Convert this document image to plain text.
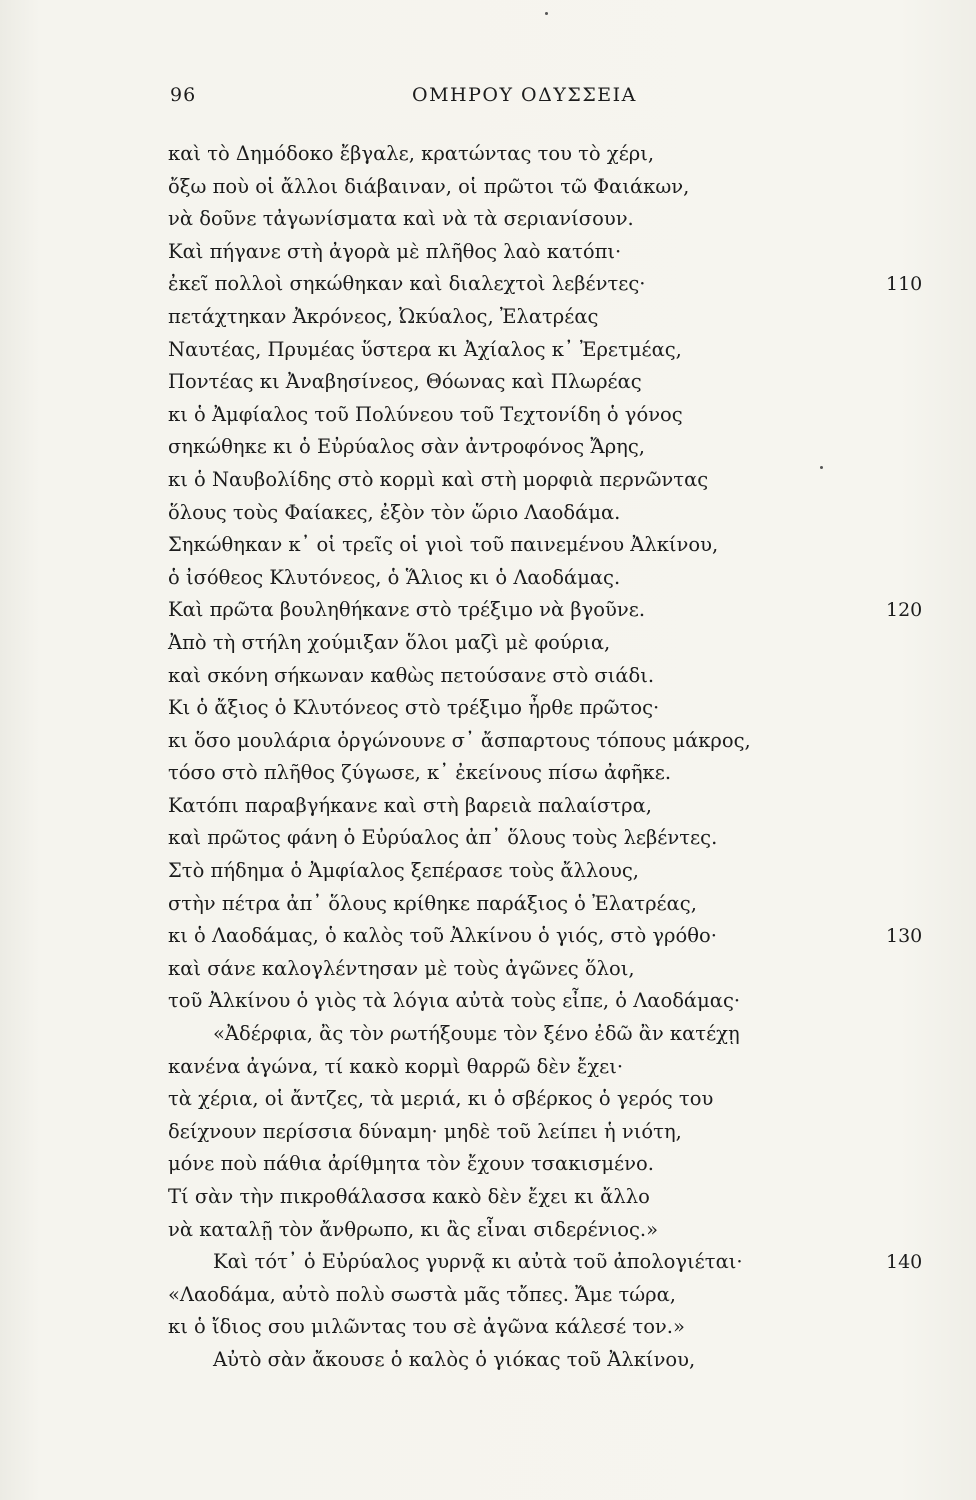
96	ΟΜΗΡΟΥ ΟΔΥΣΣΕΙΑ
καὶ τὸ Δημόδοκο ἔβγαλε, κρατώντας του τὸ χέρι,
ὄξω ποὺ οἱ ἄλλοι διάβαιναν, οἱ πρῶτοι τῶ Φαιάκων,
νὰ δοῦνε τἀγωνίσματα καὶ νὰ τὰ σεριανίσουν.
Καὶ πήγανε στὴ ἀγορὰ μὲ πλῆθος λαὸ κατόπι·
ἐκεῖ πολλοὶ σηκώθηκαν καὶ διαλεχτοὶ λεβέντες·	110
πετάχτηκαν Ἀκρόνεος, Ὠκύαλος, Ἐλατρέας
Ναυτέας, Πρυμέας ὕστερα κι Ἀχίαλος κ᾿ Ἐρετμέας,
Ποντέας κι Ἀναβησίνεος, Θόωνας καὶ Πλωρέας
κι ὁ Ἀμφίαλος τοῦ Πολύνεου τοῦ Τεχτονίδη ὁ γόνος
σηκώθηκε κι ὁ Εὐρύαλος σὰν ἀντροφόνος Ἄρης,
κι ὁ Ναυβολίδης στὸ κορμὶ καὶ στὴ μορφιὰ περνῶντας
ὅλους τοὺς Φαίακες, ἐξὸν τὸν ὥριο Λαοδάμα.
Σηκώθηκαν κ᾿ οἱ τρεῖς οἱ γιοὶ τοῦ παινεμένου Ἀλκίνου,
ὁ ἰσόθεος Κλυτόνεος, ὁ Ἅλιος κι ὁ Λαοδάμας.
Καὶ πρῶτα βουληθήκανε στὸ τρέξιμο νὰ βγοῦνε.	120
Ἀπὸ τὴ στήλη χούμιξαν ὅλοι μαζὶ μὲ φούρια,
καὶ σκόνη σήκωναν καθὼς πετούσανε στὸ σιάδι.
Κι ὁ ἄξιος ὁ Κλυτόνεος στὸ τρέξιμο ἦρθε πρῶτος·
κι ὅσο μουλάρια ὀργώνουνε σ᾿ ἄσπαρτους τόπους μάκρος,
τόσο στὸ πλῆθος ζύγωσε, κ᾿ ἐκείνους πίσω ἀφῆκε.
Κατόπι παραβγήκανε καὶ στὴ βαρειὰ παλαίστρα,
καὶ πρῶτος φάνη ὁ Εὐρύαλος ἀπ᾿ ὅλους τοὺς λεβέντες.
Στὸ πήδημα ὁ Ἀμφίαλος ξεπέρασε τοὺς ἄλλους,
στὴν πέτρα ἀπ᾿ ὅλους κρίθηκε παράξιος ὁ Ἐλατρέας,
κι ὁ Λαοδάμας, ὁ καλὸς τοῦ Ἀλκίνου ὁ γιός, στὸ γρόθο·	130
καὶ σάνε καλογλέντησαν μὲ τοὺς ἀγῶνες ὅλοι,
τοῦ Ἀλκίνου ὁ γιὸς τὰ λόγια αὐτὰ τοὺς εἶπε, ὁ Λαοδάμας·
«Ἀδέρφια, ἂς τὸν ρωτήξουμε τὸν ξένο ἐδῶ ἂν κατέχῃ
κανένα ἀγώνα, τί κακὸ κορμὶ θαρρῶ δὲν ἔχει·
τὰ χέρια, οἱ ἄντζες, τὰ μεριά, κι ὁ σβέρκος ὁ γερός του
δείχνουν περίσσια δύναμη· μηδὲ τοῦ λείπει ἡ νιότη,
μόνε ποὺ πάθια ἀρίθμητα τὸν ἔχουν τσακισμένο.
Τί σὰν τὴν πικροθάλασσα κακὸ δὲν ἔχει κι ἄλλο
νὰ καταλῇ τὸν ἄνθρωπο, κι ἂς εἶναι σιδερένιος.»
Καὶ τότ᾿ ὁ Εὐρύαλος γυρνᾷ κι αὐτὰ τοῦ ἀπολογιέται·	140
«Λαοδάμα, αὐτὸ πολὺ σωστὰ μᾶς τὄπες. Ἄμε τώρα,
κι ὁ ἴδιος σου μιλῶντας του σὲ ἀγῶνα κάλεσέ τον.»
Αὐτὸ σὰν ἄκουσε ὁ καλὸς ὁ γιόκας τοῦ Ἀλκίνου,
